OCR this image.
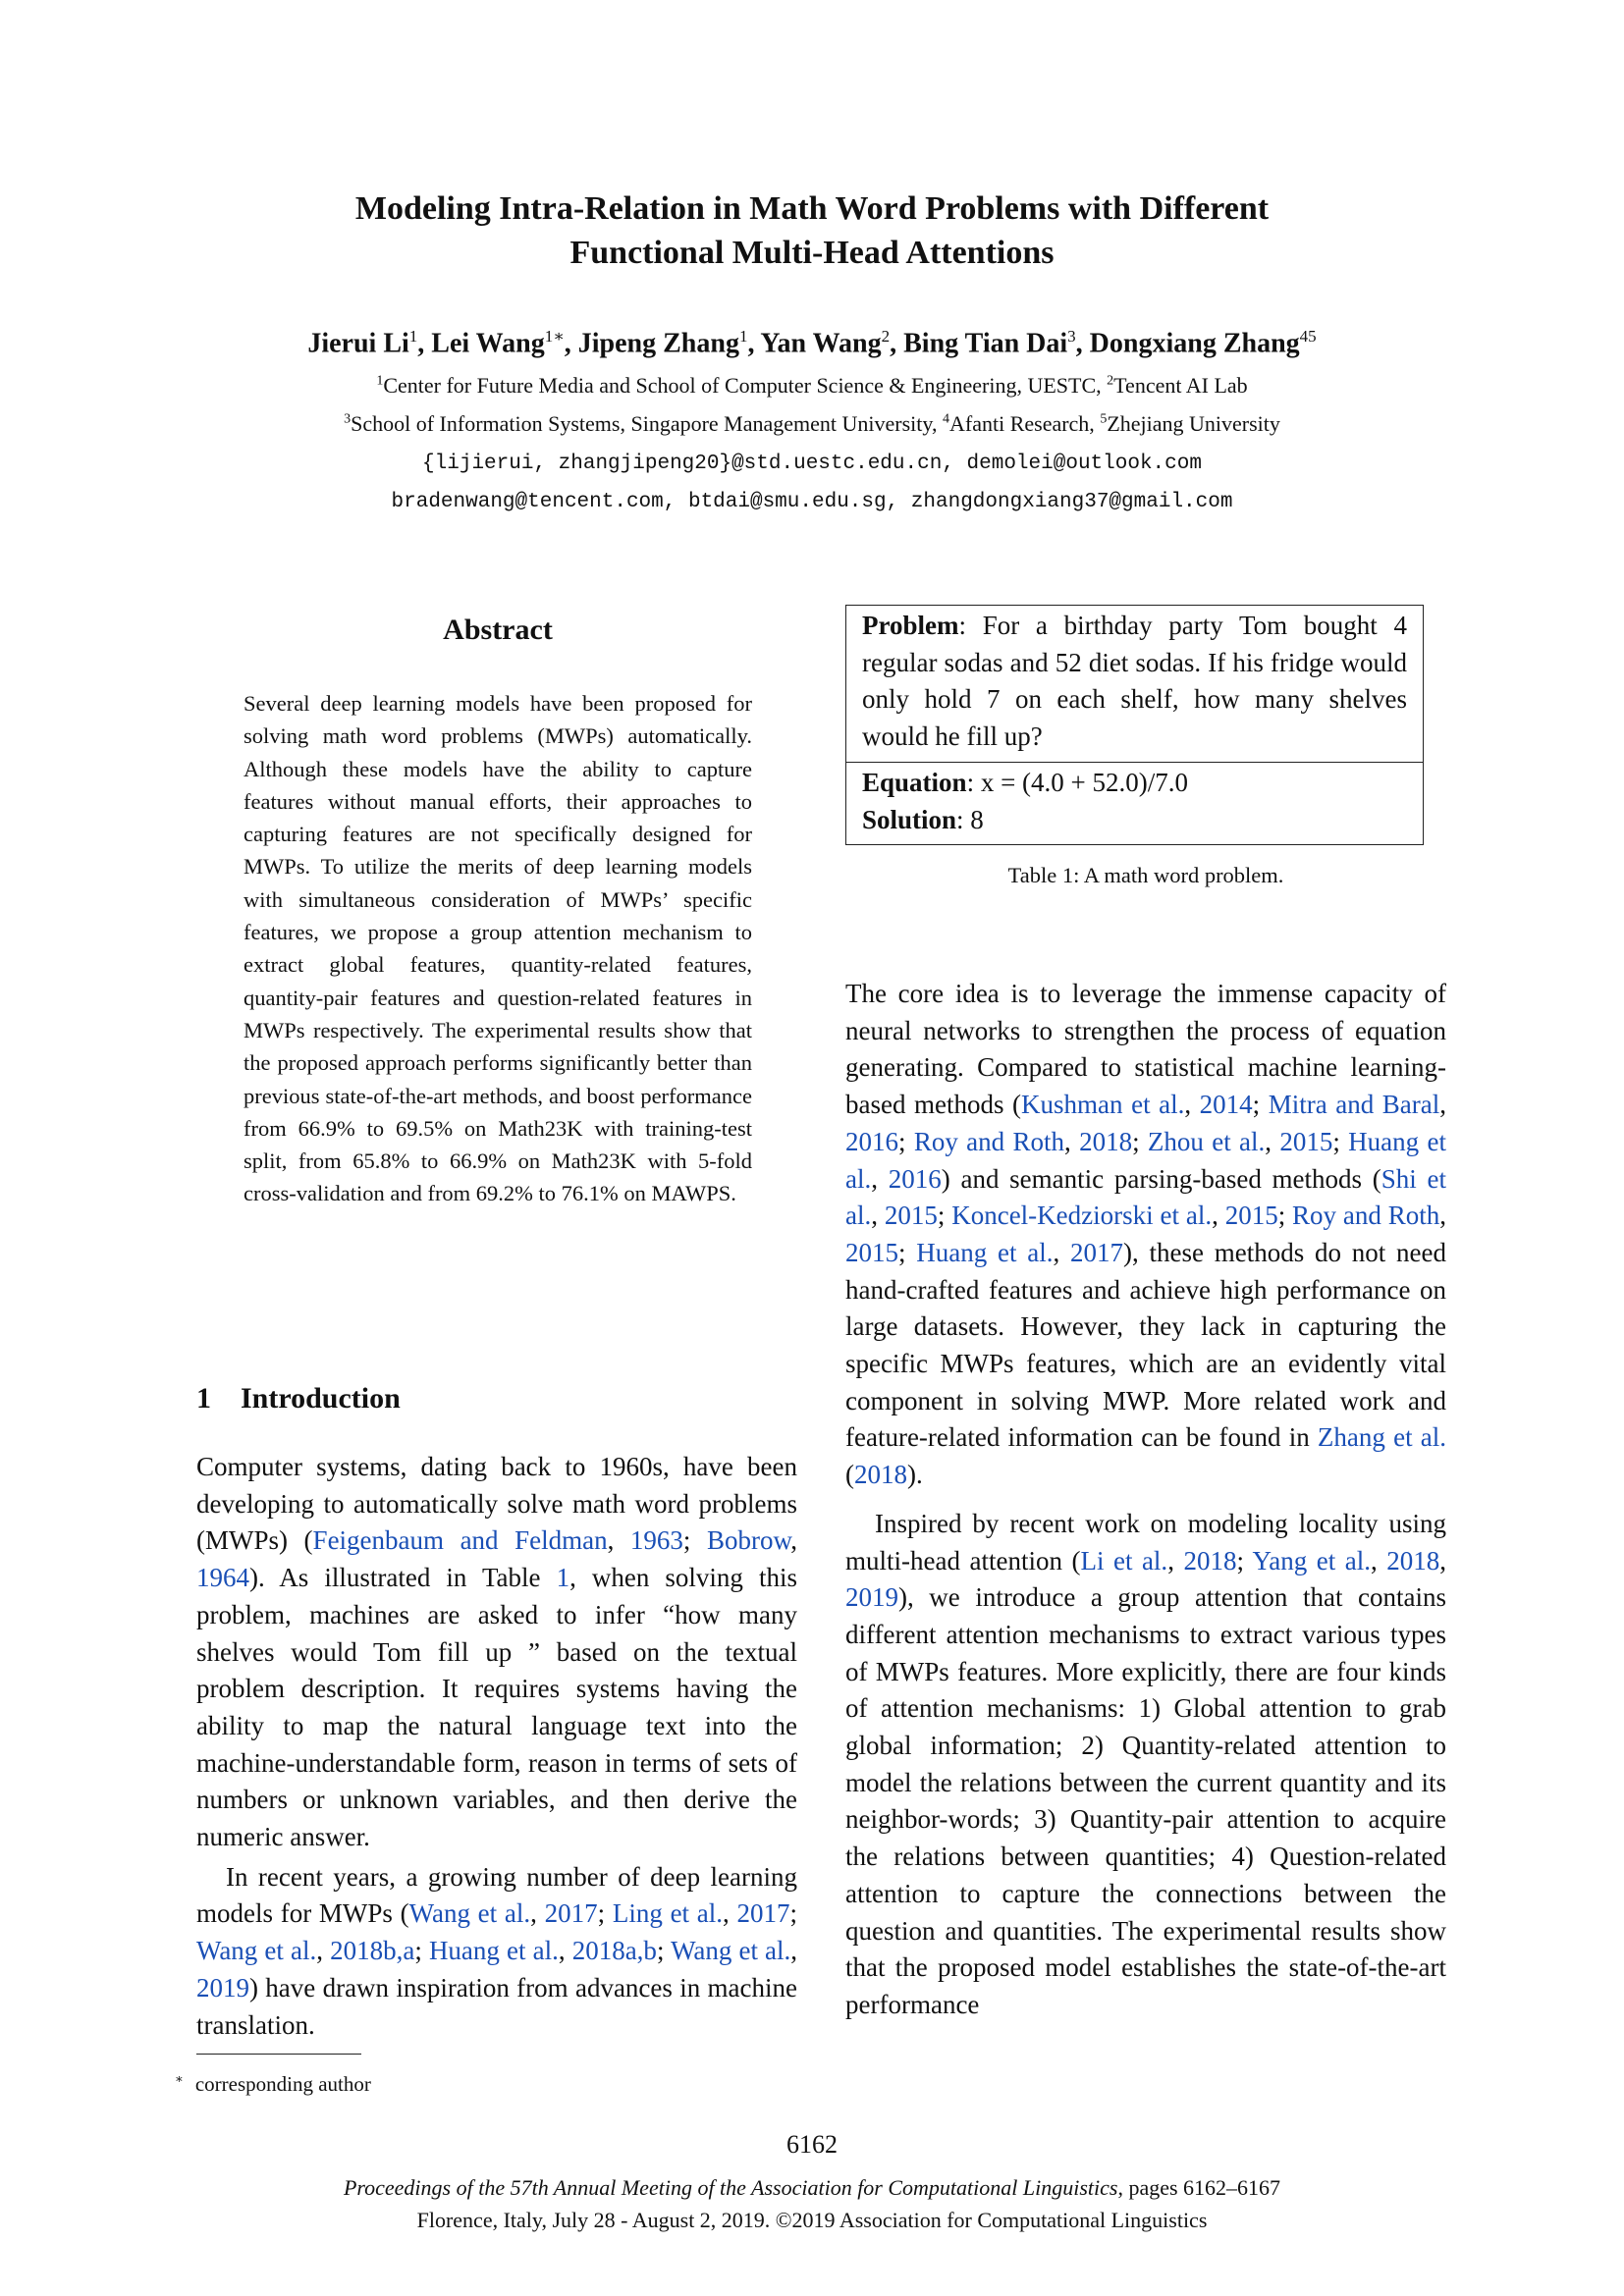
Modeling Intra-Relation in Math Word Problems with Different
Functional Multi-Head Attentions
Jierui Li$^1$, Lei Wang$^{1∗}$, Jipeng Zhang$^1$, Yan Wang$^2$, Bing Tian Dai$^3$, Dongxiang Zhang$^{45}$
$^1$Center for Future Media and School of Computer Science & Engineering, UESTC, $^2$Tencent AI Lab
$^3$School of Information Systems, Singapore Management University, $^4$Afanti Research, $^5$Zhejiang University
{lijierui, zhangjipeng20}@std.uestc.edu.cn, demolei@outlook.com
bradenwang@tencent.com, btdai@smu.edu.sg, zhangdongxiang37@gmail.com
Abstract
Several deep learning models have been proposed for solving math word problems (MWPs) automatically. Although these models have the ability to capture features without manual efforts, their approaches to capturing features are not specifically designed for MWPs. To utilize the merits of deep learning models with simultaneous consideration of MWPs’ specific features, we propose a group attention mechanism to extract global features, quantity-related features, quantity-pair features and question-related features in MWPs respectively. The experimental results show that the proposed approach performs significantly better than previous state-of-the-art methods, and boost performance from 66.9% to 69.5% on Math23K with training-test split, from 65.8% to 66.9% on Math23K with 5-fold cross-validation and from 69.2% to 76.1% on MAWPS.
1 Introduction

Computer systems, dating back to 1960s, have been developing to automatically solve math word problems (MWPs) (Feigenbaum and Feldman, 1963; Bobrow, 1964). As illustrated in Table 1, when solving this problem, machines are asked to infer “how many shelves would Tom fill up ” based on the textual problem description. It requires systems having the ability to map the natural language text into the machine-understandable form, reason in terms of sets of numbers or unknown variables, and then derive the numeric answer.

In recent years, a growing number of deep learning models for MWPs (Wang et al., 2017; Ling et al., 2017; Wang et al., 2018b,a; Huang et al., 2018a,b; Wang et al., 2019) have drawn inspiration from advances in machine translation.

Problem: For a birthday party Tom bought 4 regular sodas and 52 diet sodas. If his fridge would only hold 7 on each shelf, how many shelves would he fill up?
Equation: x = (4.0 + 52.0)/7.0
Solution: 8
Table 1: A math word problem.

The core idea is to leverage the immense capacity of neural networks to strengthen the process of equation generating. Compared to statistical machine learning-based methods (Kushman et al., 2014; Mitra and Baral, 2016; Roy and Roth, 2018; Zhou et al., 2015; Huang et al., 2016) and semantic parsing-based methods (Shi et al., 2015; Koncel-Kedziorski et al., 2015; Roy and Roth, 2015; Huang et al., 2017), these methods do not need hand-crafted features and achieve high performance on large datasets. However, they lack in capturing the specific MWPs features, which are an evidently vital component in solving MWP. More related work and feature-related information can be found in Zhang et al. (2018).

Inspired by recent work on modeling locality using multi-head attention (Li et al., 2018; Yang et al., 2018, 2019), we introduce a group attention that contains different attention mechanisms to extract various types of MWPs features. More explicitly, there are four kinds of attention mechanisms: 1) Global attention to grab global information; 2) Quantity-related attention to model the relations between the current quantity and its neighbor-words; 3) Quantity-pair attention to acquire the relations between quantities; 4) Question-related attention to capture the connections between the question and quantities. The experimental results show that the proposed model establishes the state-of-the-art performance

∗ corresponding author
6162
Proceedings of the 57th Annual Meeting of the Association for Computational Linguistics, pages 6162–6167
Florence, Italy, July 28 - August 2, 2019. ©2019 Association for Computational Linguistics
